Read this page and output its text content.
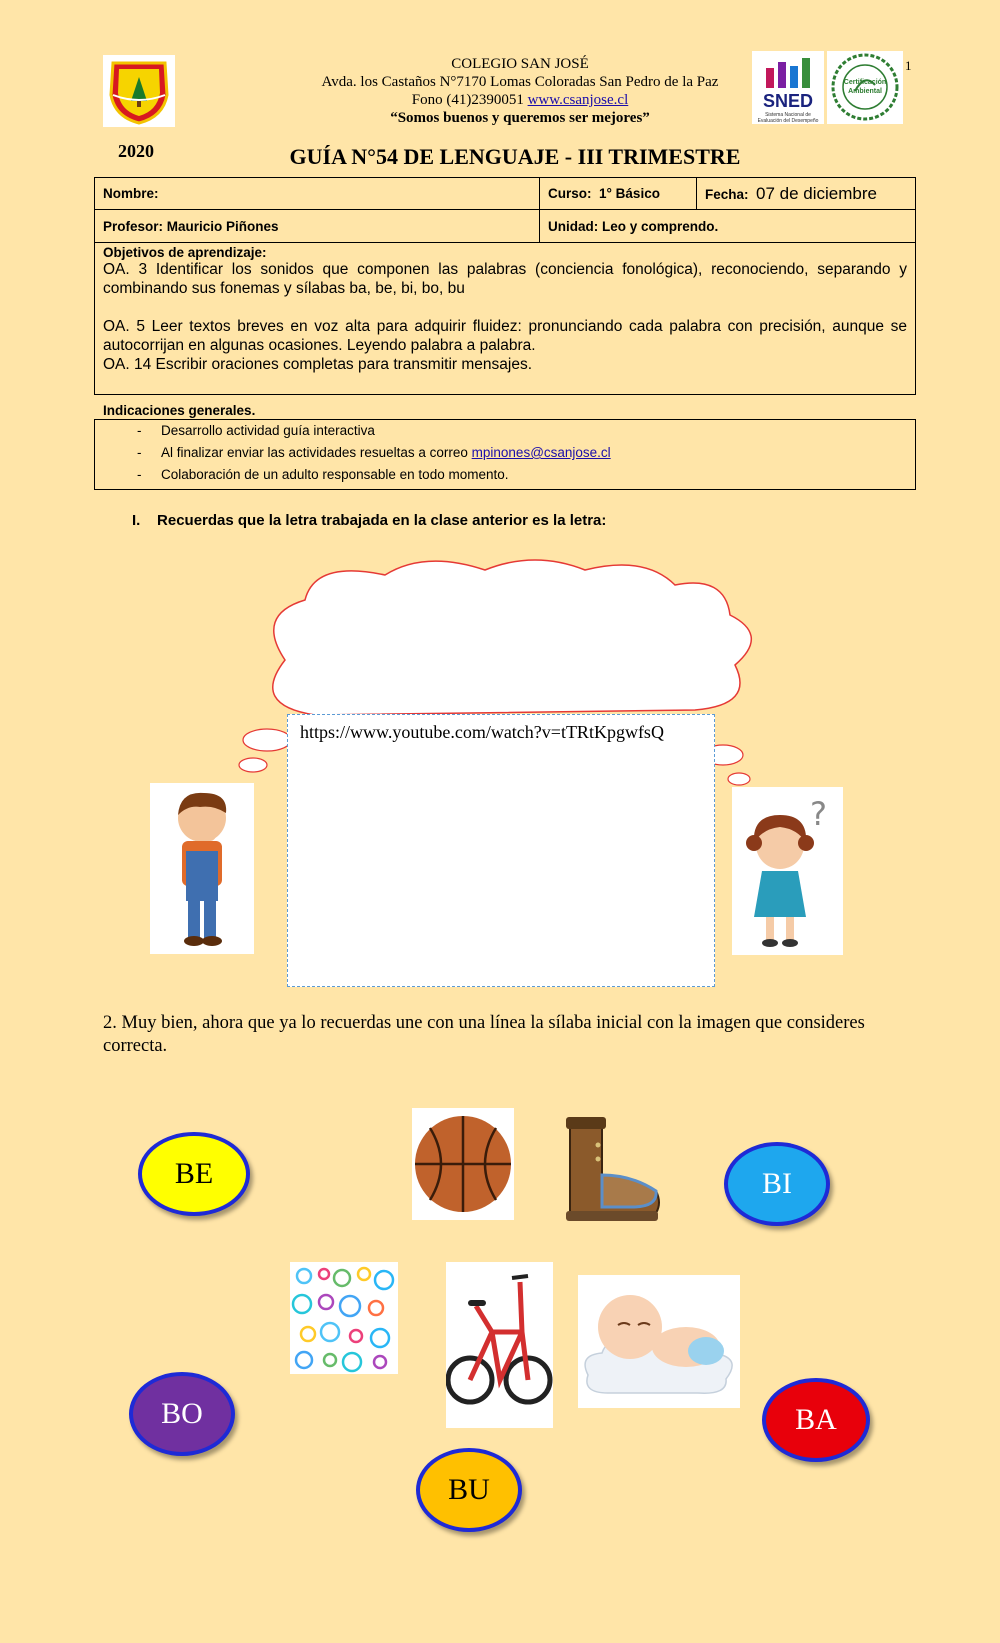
COLEGIO SAN JOSÉ
Avda. los Castaños N°7170 Lomas Coloradas San Pedro de la Paz
Fono (41)2390051 www.csanjose.cl
“Somos buenos y queremos ser mejores”
SNED
Sistema Nacional de Evaluación del Desempeño
Certificación Ambiental
1
2020	GUÍA N°54 DE LENGUAJE - III TRIMESTRE
Nombre:	Curso: 1° Básico	Fecha: 07 de diciembre
Profesor: Mauricio Piñones	Unidad: Leo y comprendo.	

Objetivos de aprendizaje:
OA. 3 Identificar los sonidos que componen las palabras (conciencia fonológica), reconociendo, separando y combinando sus fonemas y sílabas ba, be, bi, bo, bu
OA. 5 Leer textos breves en voz alta para adquirir fluidez: pronunciando cada palabra con precisión, aunque se autocorrijan en algunas ocasiones. Leyendo palabra a palabra.
OA. 14 Escribir oraciones completas para transmitir mensajes.		
Indicaciones generales.
- Desarrollo actividad guía interactiva
- Al finalizar enviar las actividades resueltas a correo mpinones@csanjose.cl
- Colaboración de un adulto responsable en todo momento.
I. Recuerdas que la letra trabajada en la clase anterior es la letra:
https://www.youtube.com/watch?v=tTRtKpgwfsQ
?
2. Muy bien, ahora que ya lo recuerdas une con una línea la sílaba inicial con la imagen que consideres correcta.
BE	BI
BO	BA
BU
